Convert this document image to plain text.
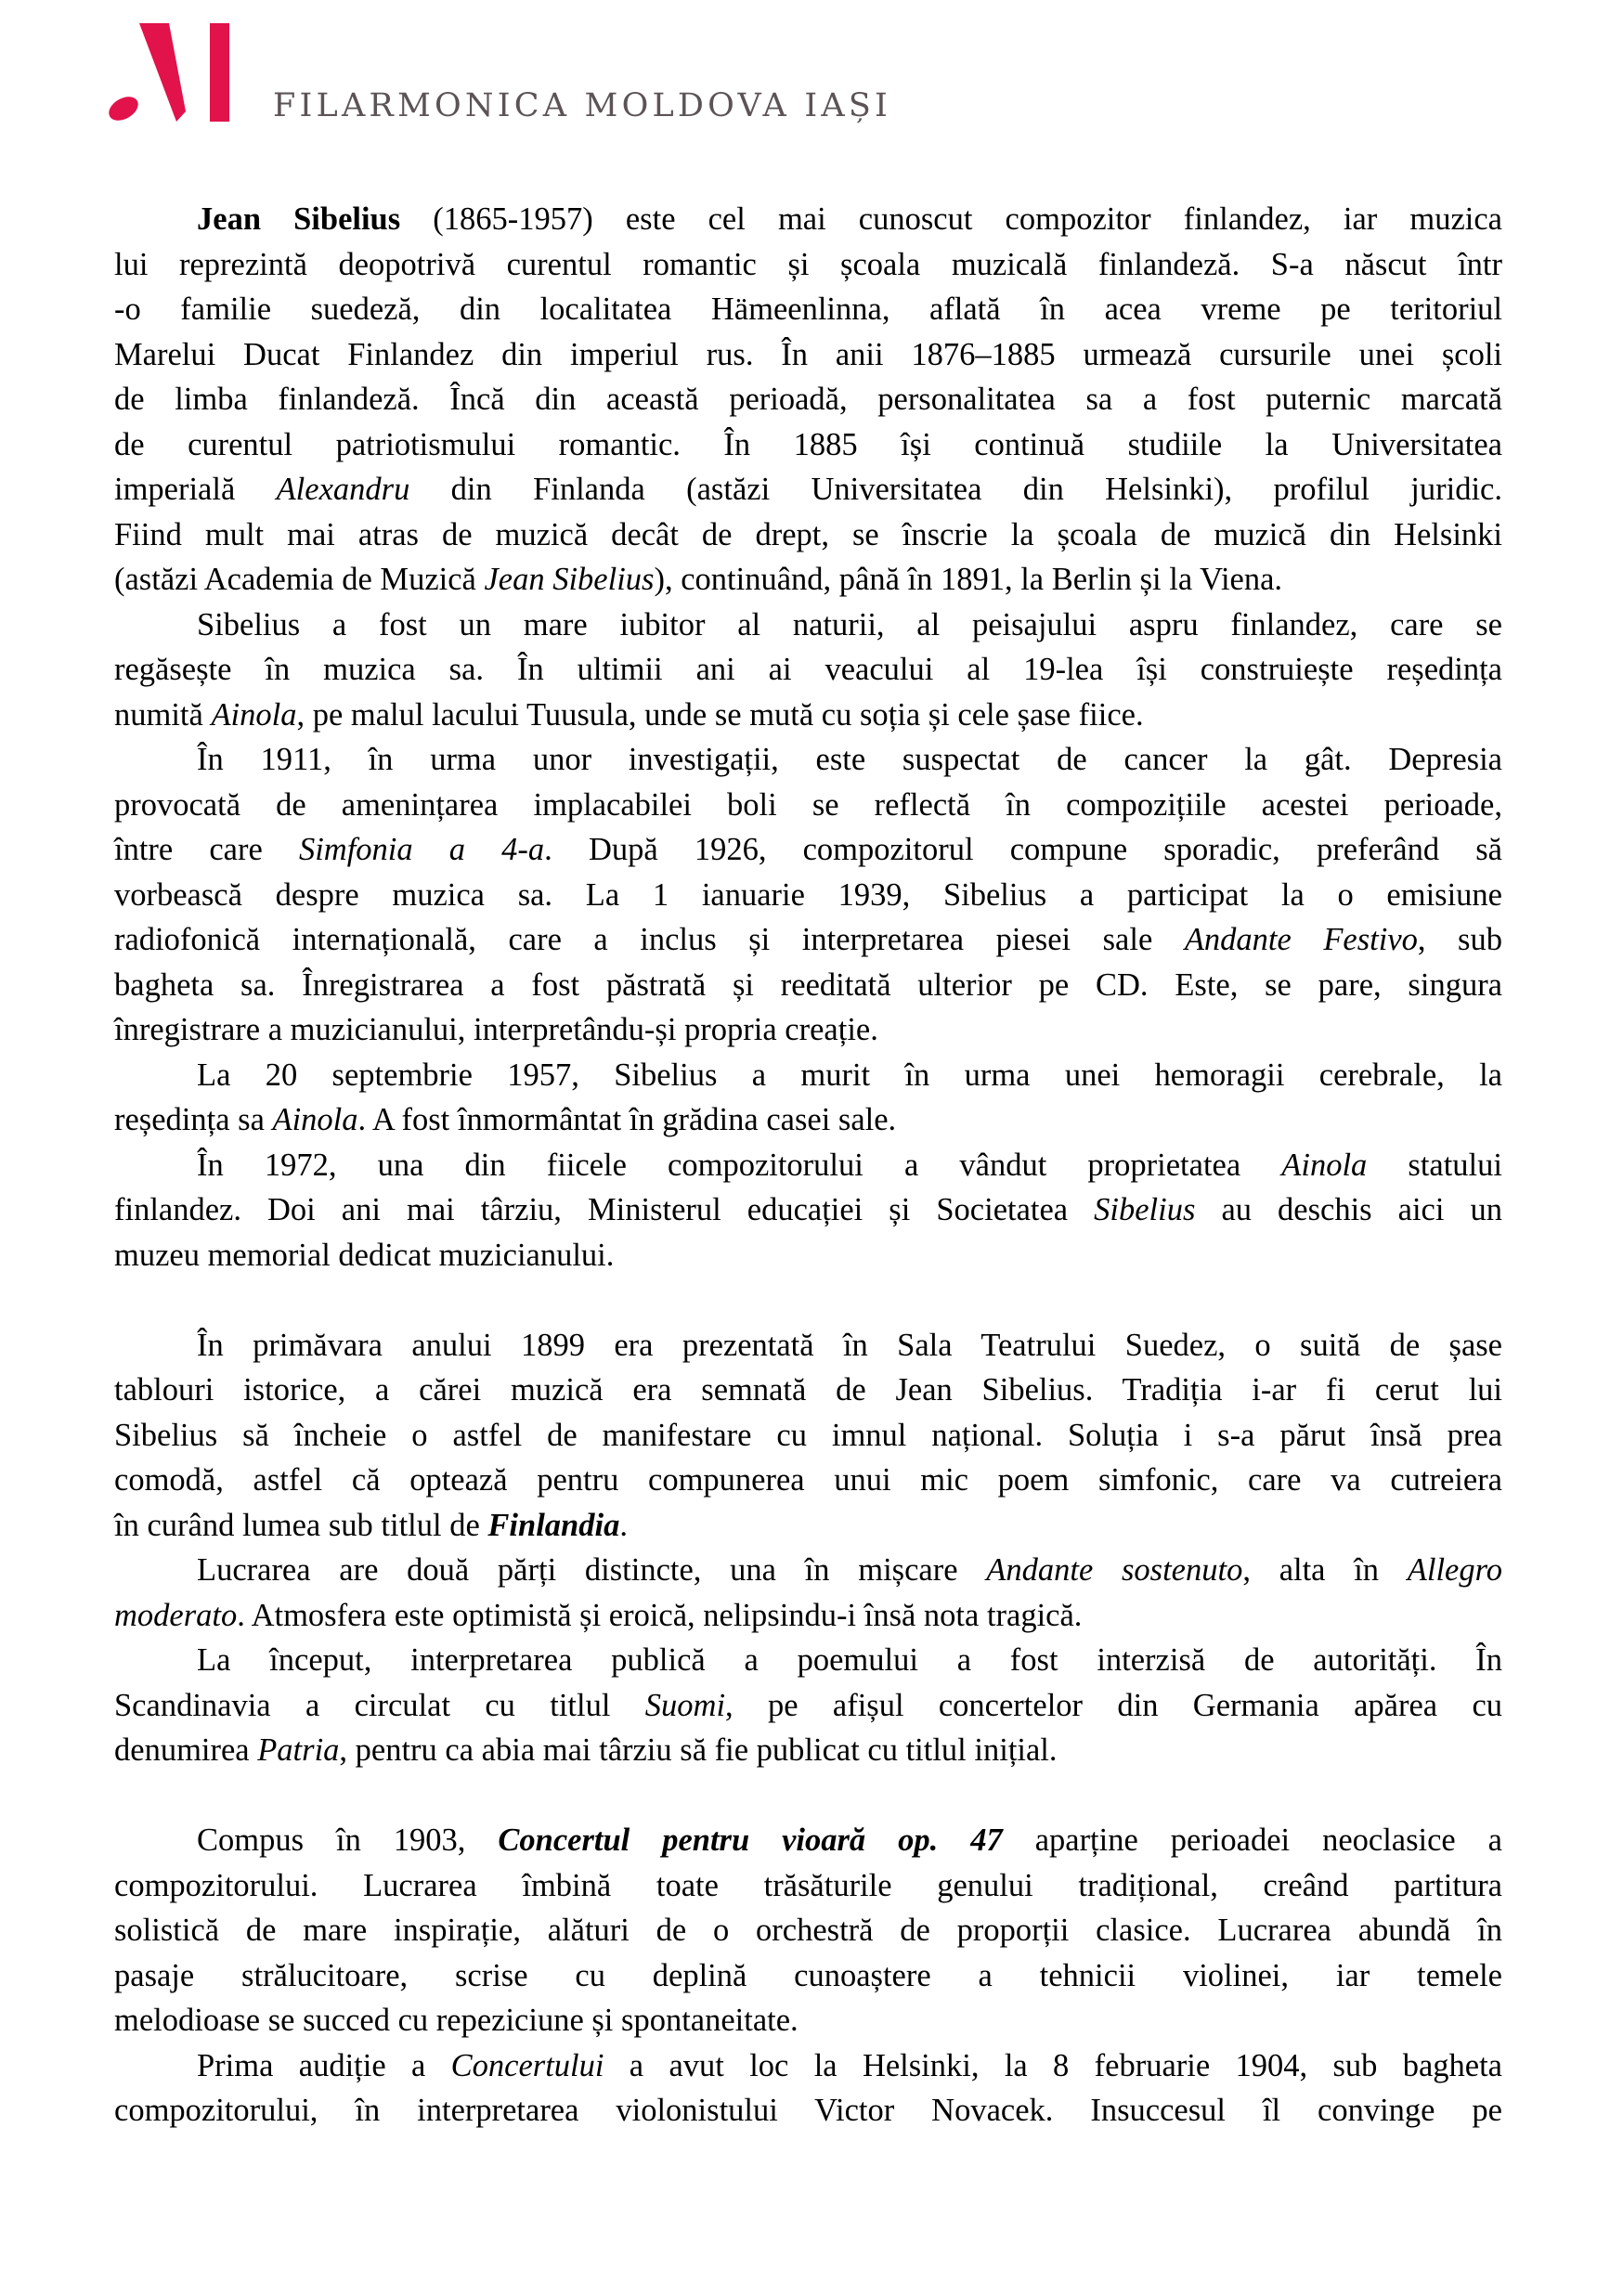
FILARMONICA MOLDOVA IAȘI
Jean Sibelius (1865-1957) este cel mai cunoscut compozitor finlandez, iar muzica
lui reprezintă deopotrivă curentul romantic și școala muzicală finlandeză. S-a născut într
-o familie suedeză, din localitatea Hämeenlinna, aflată în acea vreme pe teritoriul
Marelui Ducat Finlandez din imperiul rus. În anii 1876–1885 urmează cursurile unei școli
de limba finlandeză. Încă din această perioadă, personalitatea sa a fost puternic marcată
de curentul patriotismului romantic. În 1885 își continuă studiile la Universitatea
imperială Alexandru din Finlanda (astăzi Universitatea din Helsinki), profilul juridic.
Fiind mult mai atras de muzică decât de drept, se înscrie la școala de muzică din Helsinki
(astăzi Academia de Muzică Jean Sibelius), continuând, până în 1891, la Berlin și la Viena.
Sibelius a fost un mare iubitor al naturii, al peisajului aspru finlandez, care se
regăsește în muzica sa. În ultimii ani ai veacului al 19-lea își construiește reședința
numită Ainola, pe malul lacului Tuusula, unde se mută cu soția și cele șase fiice.
În 1911, în urma unor investigații, este suspectat de cancer la gât. Depresia
provocată de amenințarea implacabilei boli se reflectă în compozițiile acestei perioade,
între care Simfonia a 4-a. După 1926, compozitorul compune sporadic, preferând să
vorbească despre muzica sa. La 1 ianuarie 1939, Sibelius a participat la o emisiune
radiofonică internațională, care a inclus și interpretarea piesei sale Andante Festivo, sub
bagheta sa. Înregistrarea a fost păstrată și reeditată ulterior pe CD. Este, se pare, singura
înregistrare a muzicianului, interpretându-și propria creație.
La 20 septembrie 1957, Sibelius a murit în urma unei hemoragii cerebrale, la
reședința sa Ainola. A fost înmormântat în grădina casei sale.
În 1972, una din fiicele compozitorului a vândut proprietatea Ainola statului
finlandez. Doi ani mai târziu, Ministerul educației și Societatea Sibelius au deschis aici un
muzeu memorial dedicat muzicianului.
În primăvara anului 1899 era prezentată în Sala Teatrului Suedez, o suită de șase
tablouri istorice, a cărei muzică era semnată de Jean Sibelius. Tradiția i-ar fi cerut lui
Sibelius să încheie o astfel de manifestare cu imnul național. Soluția i s-a părut însă prea
comodă, astfel că optează pentru compunerea unui mic poem simfonic, care va cutreiera
în curând lumea sub titlul de Finlandia.
Lucrarea are două părți distincte, una în mișcare Andante sostenuto, alta în Allegro
moderato. Atmosfera este optimistă și eroică, nelipsindu-i însă nota tragică.
La început, interpretarea publică a poemului a fost interzisă de autorități. În
Scandinavia a circulat cu titlul Suomi, pe afișul concertelor din Germania apărea cu
denumirea Patria, pentru ca abia mai târziu să fie publicat cu titlul inițial.
Compus în 1903, Concertul pentru vioară op. 47 aparține perioadei neoclasice a
compozitorului. Lucrarea îmbină toate trăsăturile genului tradițional, creând partitura
solistică de mare inspirație, alături de o orchestră de proporții clasice. Lucrarea abundă în
pasaje strălucitoare, scrise cu deplină cunoaștere a tehnicii violinei, iar temele
melodioase se succed cu repeziciune și spontaneitate.
Prima audiție a Concertului a avut loc la Helsinki, la 8 februarie 1904, sub bagheta
compozitorului, în interpretarea violonistului Victor Novacek. Insuccesul îl convinge pe
